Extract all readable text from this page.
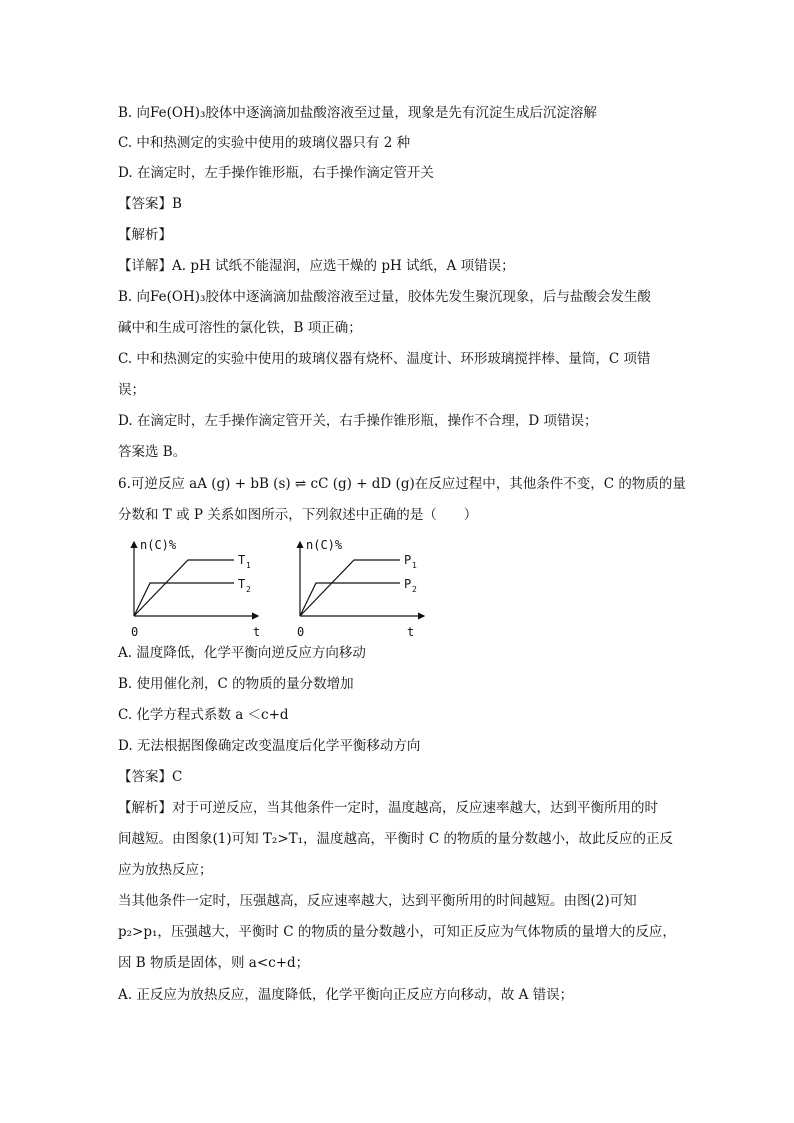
B. 向Fe(OH)₃胶体中逐滴滴加盐酸溶液至过量，现象是先有沉淀生成后沉淀溶解
C. 中和热测定的实验中使用的玻璃仪器只有 2 种
D. 在滴定时，左手操作锥形瓶，右手操作滴定管开关
【答案】B
【解析】
【详解】A. pH 试纸不能湿润，应选干燥的 pH 试纸，A 项错误；
B. 向Fe(OH)₃胶体中逐滴滴加盐酸溶液至过量，胶体先发生聚沉现象，后与盐酸会发生酸
碱中和生成可溶性的氯化铁，B 项正确；
C. 中和热测定的实验中使用的玻璃仪器有烧杯、温度计、环形玻璃搅拌棒、量筒，C 项错
误；
D. 在滴定时，左手操作滴定管开关，右手操作锥形瓶，操作不合理，D 项错误；
答案选 B。
6.可逆反应 aA (g) + bB (s) ⇌ cC (g) + dD (g)在反应过程中，其他条件不变，C 的物质的量
分数和 T 或 P 关系如图所示，下列叙述中正确的是（　　）
n(C)%
t
0
T 1
T 2
n(C)%
t
0
P 1
P 2
A. 温度降低，化学平衡向逆反应方向移动
B. 使用催化剂，C 的物质的量分数增加
C. 化学方程式系数 a ＜c+d
D. 无法根据图像确定改变温度后化学平衡移动方向
【答案】C
【解析】对于可逆反应，当其他条件一定时，温度越高，反应速率越大，达到平衡所用的时
间越短。由图象(1)可知 T₂>T₁，温度越高，平衡时 C 的物质的量分数越小，故此反应的正反
应为放热反应；
当其他条件一定时，压强越高，反应速率越大，达到平衡所用的时间越短。由图(2)可知
p₂>p₁，压强越大，平衡时 C 的物质的量分数越小，可知正反应为气体物质的量增大的反应，
因 B 物质是固体，则 a<c+d；
A. 正反应为放热反应，温度降低，化学平衡向正反应方向移动，故 A 错误；
